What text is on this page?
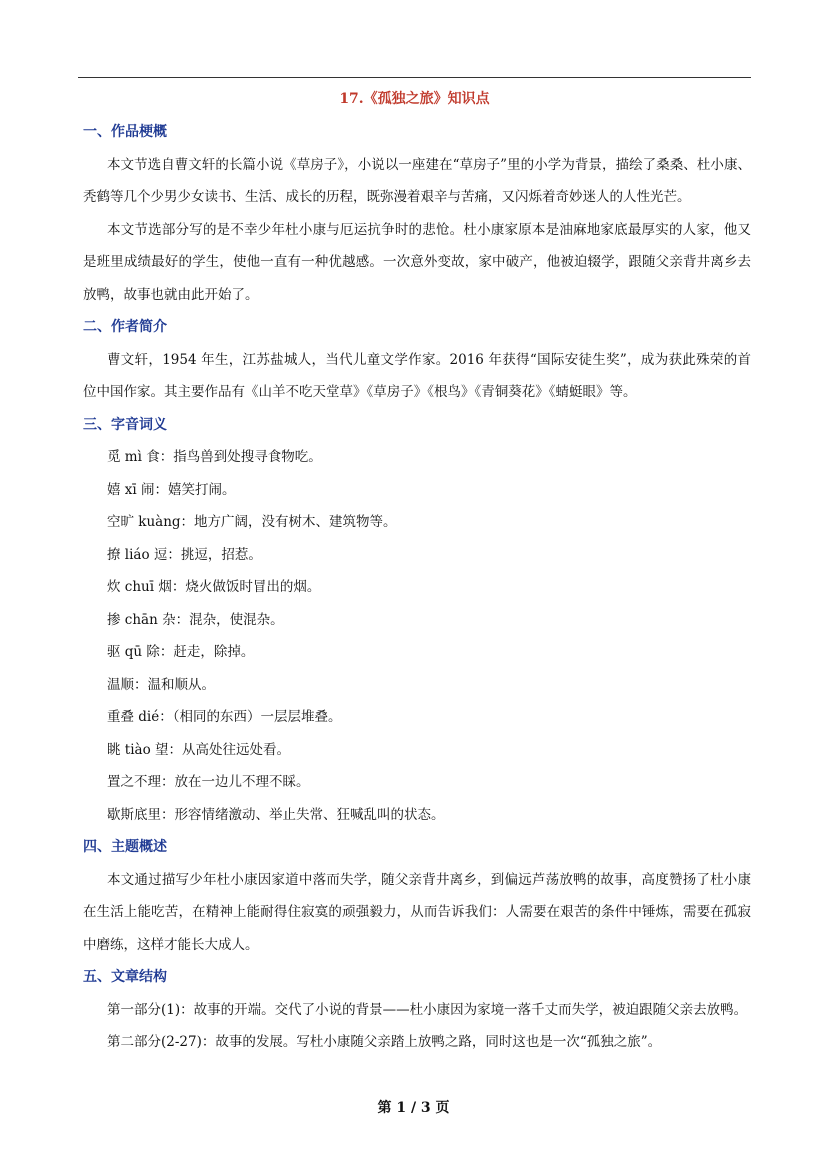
17.《孤独之旅》知识点
一、作品梗概

本文节选自曹文轩的长篇小说《草房子》，小说以一座建在“草房子”里的小学为背景，描绘了桑桑、杜小康、秃鹤等几个少男少女读书、生活、成长的历程，既弥漫着艰辛与苦痛，又闪烁着奇妙迷人的人性光芒。

本文节选部分写的是不幸少年杜小康与厄运抗争时的悲怆。杜小康家原本是油麻地家底最厚实的人家，他又是班里成绩最好的学生，使他一直有一种优越感。一次意外变故，家中破产，他被迫辍学，跟随父亲背井离乡去放鸭，故事也就由此开始了。

二、作者简介

曹文轩，1954 年生，江苏盐城人，当代儿童文学作家。2016 年获得“国际安徒生奖”，成为获此殊荣的首位中国作家。其主要作品有《山羊不吃天堂草》《草房子》《根鸟》《青铜葵花》《蜻蜓眼》等。

三、字音词义

觅 mì 食：指鸟兽到处搜寻食物吃。

嬉 xī 闹：嬉笑打闹。

空旷 kuàng：地方广阔，没有树木、建筑物等。

撩 liáo 逗：挑逗，招惹。

炊 chuī 烟：烧火做饭时冒出的烟。

掺 chān 杂：混杂，使混杂。

驱 qū 除：赶走，除掉。

温顺：温和顺从。

重叠 dié：（相同的东西）一层层堆叠。

眺 tiào 望：从高处往远处看。

置之不理：放在一边儿不理不睬。

歇斯底里：形容情绪激动、举止失常、狂喊乱叫的状态。

四、主题概述

本文通过描写少年杜小康因家道中落而失学，随父亲背井离乡，到偏远芦荡放鸭的故事，高度赞扬了杜小康在生活上能吃苦，在精神上能耐得住寂寞的顽强毅力，从而告诉我们：人需要在艰苦的条件中锤炼，需要在孤寂中磨练，这样才能长大成人。

五、文章结构

第一部分(1)：故事的开端。交代了小说的背景——杜小康因为家境一落千丈而失学，被迫跟随父亲去放鸭。

第二部分(2-27)：故事的发展。写杜小康随父亲踏上放鸭之路，同时这也是一次“孤独之旅”。

第 1 / 3 页
